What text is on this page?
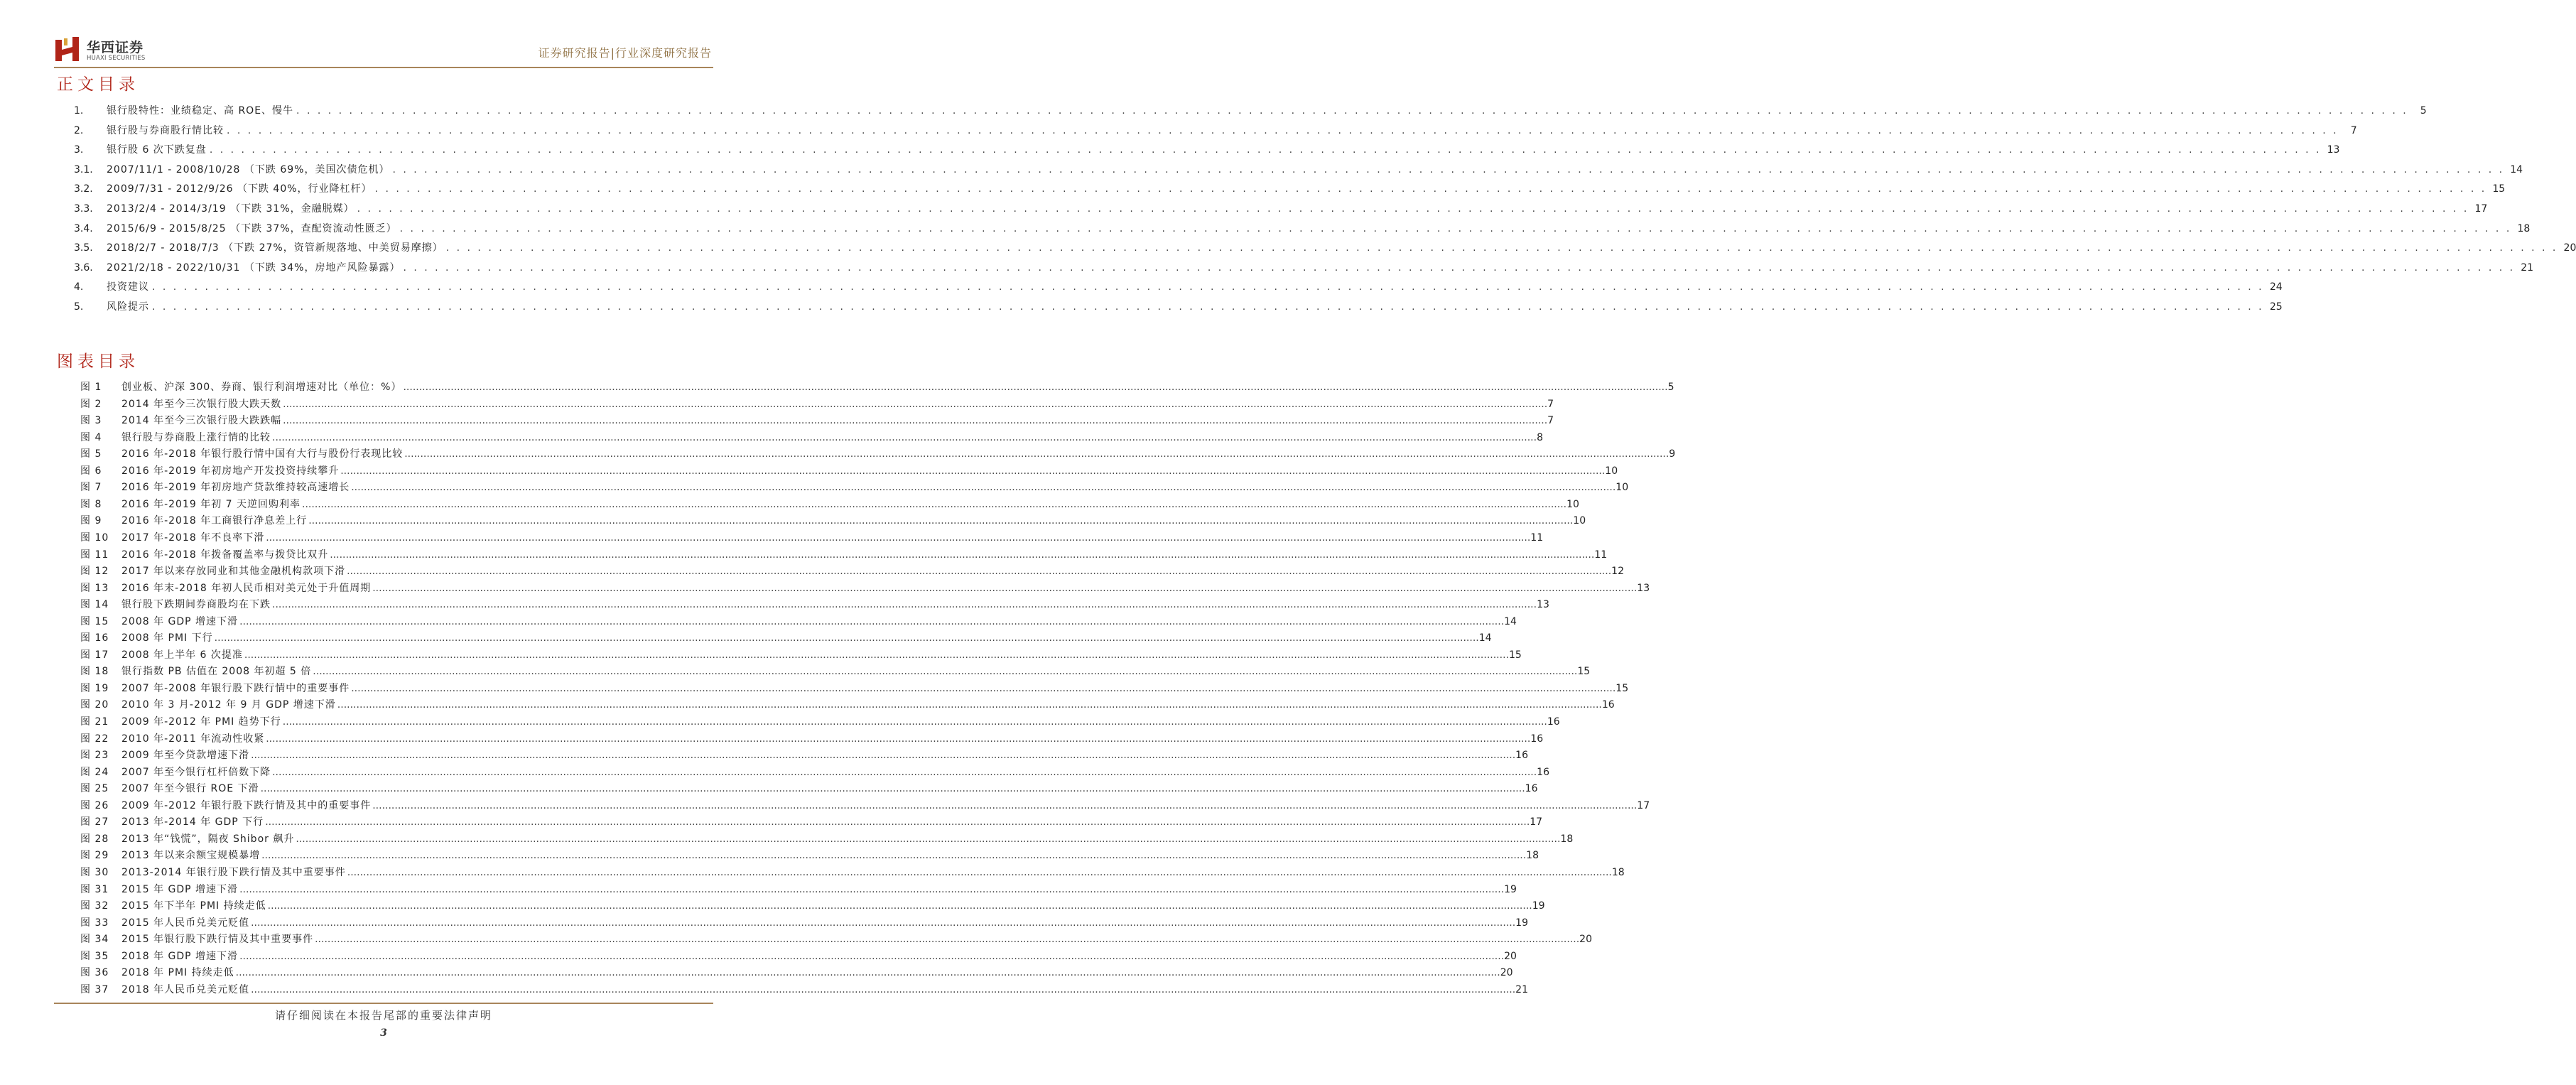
华西证券
HUAXI SECURITIES	证券研究报告|行业深度研究报告
正文目录
1.	银行股特性：业绩稳定、高 ROE、慢牛 . . . . . . . . . . . . . . . . . . . . . . . . . . . . . . . . . . . . . . . . . . . . . . . . . . . . . . . . . . . . . . . . . . . . . . . . . . . . . . . . . . . . . . . . . . . . . . . . . . . . . . . . . . . . . . . . . . . . . . . . . . . . . . . . . . . . . . . . . . . . . . . . . . . . . . . . . . . . . . . . . . . . . . . . . . . . . . . . . . . . . . . . . . . . . . . . . . . . . . . .	5
2.	银行股与券商股行情比较 . . . . . . . . . . . . . . . . . . . . . . . . . . . . . . . . . . . . . . . . . . . . . . . . . . . . . . . . . . . . . . . . . . . . . . . . . . . . . . . . . . . . . . . . . . . . . . . . . . . . . . . . . . . . . . . . . . . . . . . . . . . . . . . . . . . . . . . . . . . . . . . . . . . . . . . . . . . . . . . . . . . . . . . . . . . . . . . . . . . . . . . . . . . . . . . . . . . . . . . .	7
3.	银行股 6 次下跌复盘 . . . . . . . . . . . . . . . . . . . . . . . . . . . . . . . . . . . . . . . . . . . . . . . . . . . . . . . . . . . . . . . . . . . . . . . . . . . . . . . . . . . . . . . . . . . . . . . . . . . . . . . . . . . . . . . . . . . . . . . . . . . . . . . . . . . . . . . . . . . . . . . . . . . . . . . . . . . . . . . . . . . . . . . . . . . . . . . . . . . . . . . . . . . . . . . . . . . . . . . . 13
3.1.	2007/11/1 - 2008/10/28 （下跌 69%，美国次债危机） . . . . . . . . . . . . . . . . . . . . . . . . . . . . . . . . . . . . . . . . . . . . . . . . . . . . . . . . . . . . . . . . . . . . . . . . . . . . . . . . . . . . . . . . . . . . . . . . . . . . . . . . . . . . . . . . . . . . . . . . . . . . . . . . . . . . . . . . . . . . . . . . . . . . . . . . . . . . . . . . . . . . . . . . . . . . . . . . . . . . . . . . . . . . . . . . . . . . . . . . 14
3.2.	2009/7/31 - 2012/9/26 （下跌 40%，行业降杠杆） . . . . . . . . . . . . . . . . . . . . . . . . . . . . . . . . . . . . . . . . . . . . . . . . . . . . . . . . . . . . . . . . . . . . . . . . . . . . . . . . . . . . . . . . . . . . . . . . . . . . . . . . . . . . . . . . . . . . . . . . . . . . . . . . . . . . . . . . . . . . . . . . . . . . . . . . . . . . . . . . . . . . . . . . . . . . . . . . . . . . . . . . . . . . . . . . . . . . . . . . 15
3.3.	2013/2/4 - 2014/3/19 （下跌 31%，金融脱媒） . . . . . . . . . . . . . . . . . . . . . . . . . . . . . . . . . . . . . . . . . . . . . . . . . . . . . . . . . . . . . . . . . . . . . . . . . . . . . . . . . . . . . . . . . . . . . . . . . . . . . . . . . . . . . . . . . . . . . . . . . . . . . . . . . . . . . . . . . . . . . . . . . . . . . . . . . . . . . . . . . . . . . . . . . . . . . . . . . . . . . . . . . . . . . . . . . . . . . . . . 17
3.4.	2015/6/9 - 2015/8/25 （下跌 37%，查配资流动性匮乏） . . . . . . . . . . . . . . . . . . . . . . . . . . . . . . . . . . . . . . . . . . . . . . . . . . . . . . . . . . . . . . . . . . . . . . . . . . . . . . . . . . . . . . . . . . . . . . . . . . . . . . . . . . . . . . . . . . . . . . . . . . . . . . . . . . . . . . . . . . . . . . . . . . . . . . . . . . . . . . . . . . . . . . . . . . . . . . . . . . . . . . . . . . . . . . . . . . . . . . . . 18
3.5.	2018/2/7 - 2018/7/3 （下跌 27%，资管新规落地、中美贸易摩擦） . . . . . . . . . . . . . . . . . . . . . . . . . . . . . . . . . . . . . . . . . . . . . . . . . . . . . . . . . . . . . . . . . . . . . . . . . . . . . . . . . . . . . . . . . . . . . . . . . . . . . . . . . . . . . . . . . . . . . . . . . . . . . . . . . . . . . . . . . . . . . . . . . . . . . . . . . . . . . . . . . . . . . . . . . . . . . . . . . . . . . . . . . . . . . . . . . . . . . . . . 20
3.6.	2021/2/18 - 2022/10/31 （下跌 34%，房地产风险暴露） . . . . . . . . . . . . . . . . . . . . . . . . . . . . . . . . . . . . . . . . . . . . . . . . . . . . . . . . . . . . . . . . . . . . . . . . . . . . . . . . . . . . . . . . . . . . . . . . . . . . . . . . . . . . . . . . . . . . . . . . . . . . . . . . . . . . . . . . . . . . . . . . . . . . . . . . . . . . . . . . . . . . . . . . . . . . . . . . . . . . . . . . . . . . . . . . . . . . . . . . 21
4.	投资建议 . . . . . . . . . . . . . . . . . . . . . . . . . . . . . . . . . . . . . . . . . . . . . . . . . . . . . . . . . . . . . . . . . . . . . . . . . . . . . . . . . . . . . . . . . . . . . . . . . . . . . . . . . . . . . . . . . . . . . . . . . . . . . . . . . . . . . . . . . . . . . . . . . . . . . . . . . . . . . . . . . . . . . . . . . . . . . . . . . . . . . . . . . . . . . . . . . . . . . . . . 24
5.	风险提示 . . . . . . . . . . . . . . . . . . . . . . . . . . . . . . . . . . . . . . . . . . . . . . . . . . . . . . . . . . . . . . . . . . . . . . . . . . . . . . . . . . . . . . . . . . . . . . . . . . . . . . . . . . . . . . . . . . . . . . . . . . . . . . . . . . . . . . . . . . . . . . . . . . . . . . . . . . . . . . . . . . . . . . . . . . . . . . . . . . . . . . . . . . . . . . . . . . . . . . . . 25
图表目录
图 1	创业板、沪深 300、券商、银行利润增速对比（单位：%） ................................................................................................................................................................................................................................................................................................................................................................................................................ 5
图 2	2014 年至今三次银行股大跌天数 ................................................................................................................................................................................................................................................................................................................................................................................................................ 7
图 3	2014 年至今三次银行股大跌跌幅 ................................................................................................................................................................................................................................................................................................................................................................................................................ 7
图 4	银行股与券商股上涨行情的比较 ................................................................................................................................................................................................................................................................................................................................................................................................................ 8
图 5	2016 年-2018 年银行股行情中国有大行与股份行表现比较 ................................................................................................................................................................................................................................................................................................................................................................................................................ 9
图 6	2016 年-2019 年初房地产开发投资持续攀升 ................................................................................................................................................................................................................................................................................................................................................................................................................ 10
图 7	2016 年-2019 年初房地产贷款维持较高速增长 ................................................................................................................................................................................................................................................................................................................................................................................................................ 10
图 8	2016 年-2019 年初 7 天逆回购利率 ................................................................................................................................................................................................................................................................................................................................................................................................................ 10
图 9	2016 年-2018 年工商银行净息差上行 ................................................................................................................................................................................................................................................................................................................................................................................................................ 10
图 10	2017 年-2018 年不良率下滑 ................................................................................................................................................................................................................................................................................................................................................................................................................ 11
图 11	2016 年-2018 年拨备覆盖率与拨贷比双升 ................................................................................................................................................................................................................................................................................................................................................................................................................ 11
图 12	2017 年以来存放同业和其他金融机构款项下滑 ................................................................................................................................................................................................................................................................................................................................................................................................................ 12
图 13	2016 年末-2018 年初人民币相对美元处于升值周期 ................................................................................................................................................................................................................................................................................................................................................................................................................ 13
图 14	银行股下跌期间券商股均在下跌 ................................................................................................................................................................................................................................................................................................................................................................................................................ 13
图 15	2008 年 GDP 增速下滑 ................................................................................................................................................................................................................................................................................................................................................................................................................ 14
图 16	2008 年 PMI 下行 ................................................................................................................................................................................................................................................................................................................................................................................................................ 14
图 17	2008 年上半年 6 次提准 ................................................................................................................................................................................................................................................................................................................................................................................................................ 15
图 18	银行指数 PB 估值在 2008 年初超 5 倍 ................................................................................................................................................................................................................................................................................................................................................................................................................ 15
图 19	2007 年-2008 年银行股下跌行情中的重要事件 ................................................................................................................................................................................................................................................................................................................................................................................................................ 15
图 20	2010 年 3 月-2012 年 9 月 GDP 增速下滑 ................................................................................................................................................................................................................................................................................................................................................................................................................ 16
图 21	2009 年-2012 年 PMI 趋势下行 ................................................................................................................................................................................................................................................................................................................................................................................................................ 16
图 22	2010 年-2011 年流动性收紧 ................................................................................................................................................................................................................................................................................................................................................................................................................ 16
图 23	2009 年至今贷款增速下滑 ................................................................................................................................................................................................................................................................................................................................................................................................................ 16
图 24	2007 年至今银行杠杆倍数下降 ................................................................................................................................................................................................................................................................................................................................................................................................................ 16
图 25	2007 年至今银行 ROE 下滑 ................................................................................................................................................................................................................................................................................................................................................................................................................ 16
图 26	2009 年-2012 年银行股下跌行情及其中的重要事件 ................................................................................................................................................................................................................................................................................................................................................................................................................ 17
图 27	2013 年-2014 年 GDP 下行 ................................................................................................................................................................................................................................................................................................................................................................................................................ 17
图 28	2013 年“钱慌”，隔夜 Shibor 飙升 ................................................................................................................................................................................................................................................................................................................................................................................................................ 18
图 29	2013 年以来余额宝规模暴增 ................................................................................................................................................................................................................................................................................................................................................................................................................ 18
图 30	2013-2014 年银行股下跌行情及其中重要事件 ................................................................................................................................................................................................................................................................................................................................................................................................................ 18
图 31	2015 年 GDP 增速下滑 ................................................................................................................................................................................................................................................................................................................................................................................................................ 19
图 32	2015 年下半年 PMI 持续走低 ................................................................................................................................................................................................................................................................................................................................................................................................................ 19
图 33	2015 年人民币兑美元贬值 ................................................................................................................................................................................................................................................................................................................................................................................................................ 19
图 34	2015 年银行股下跌行情及其中重要事件 ................................................................................................................................................................................................................................................................................................................................................................................................................ 20
图 35	2018 年 GDP 增速下滑 ................................................................................................................................................................................................................................................................................................................................................................................................................ 20
图 36	2018 年 PMI 持续走低 ................................................................................................................................................................................................................................................................................................................................................................................................................ 20
图 37	2018 年人民币兑美元贬值 ................................................................................................................................................................................................................................................................................................................................................................................................................ 21
请仔细阅读在本报告尾部的重要法律声明
3
